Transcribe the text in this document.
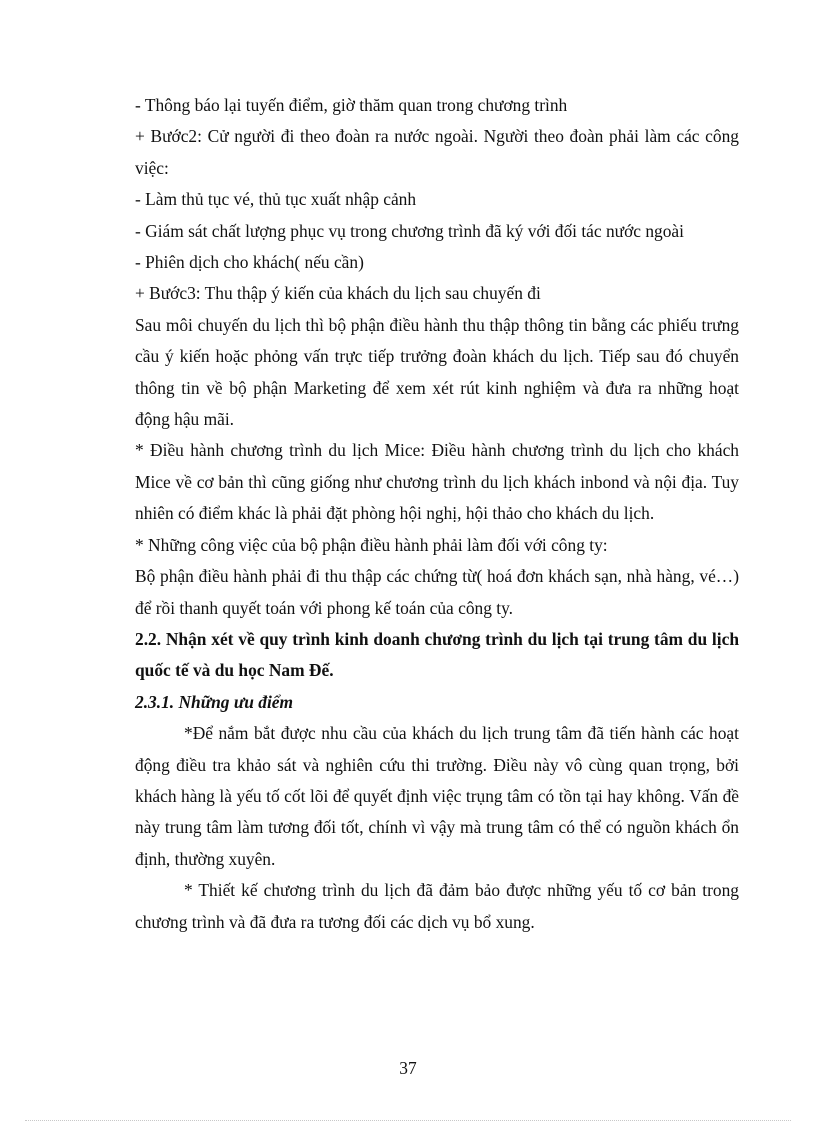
- Thông báo lại tuyến điểm, giờ thăm quan trong chương trình

+ Bước2: Cử người đi theo đoàn ra nước ngoài. Người theo đoàn phải làm các công việc:

- Làm thủ tục vé, thủ tục xuất nhập cảnh

- Giám sát chất lượng phục vụ trong chương trình đã ký với đối tác nước ngoài

- Phiên dịch cho khách( nếu cần)

+ Bước3: Thu thập ý kiến của khách du lịch sau chuyến đi

Sau môi chuyến du lịch thì bộ phận điều hành thu thập thông tin bằng các phiếu trưng cầu ý kiến hoặc phỏng vấn trực tiếp trưởng đoàn khách du lịch. Tiếp sau đó chuyển thông tin về bộ phận Marketing để xem xét rút kinh nghiệm và đưa ra những hoạt động hậu mãi.

* Điều hành chương trình du lịch Mice: Điều hành chương trình du lịch cho khách Mice về cơ bản thì cũng giống như chương trình du lịch khách inbond và nội địa. Tuy nhiên có điểm khác là phải đặt phòng hội nghị, hội thảo cho khách du lịch.

* Những công việc của bộ phận điều hành phải làm đối với công ty:

Bộ phận điều hành phải đi thu thập các chứng từ( hoá đơn khách sạn, nhà hàng, vé…) để rồi thanh quyết toán với phong kế toán của công ty.

2.2. Nhận xét về quy trình kinh doanh chương trình du lịch tại trung tâm du lịch quốc tế và du học Nam Đế.

2.3.1. Những ưu điểm

*Để nắm bắt được nhu cầu của khách du lịch trung tâm đã tiến hành các hoạt động điều tra khảo sát và nghiên cứu thi trường. Điều này vô cùng quan trọng, bởi khách hàng là yếu tố cốt lõi để quyết định việc trụng tâm có tồn tại hay không. Vấn đề này trung tâm làm tương đối tốt, chính vì vậy mà trung tâm có thể có nguồn khách ổn định, thường xuyên.

* Thiết kế chương trình du lịch đã đảm bảo được những yếu tố cơ bản trong chương trình và đã đưa ra tương đối các dịch vụ bổ xung.

37
